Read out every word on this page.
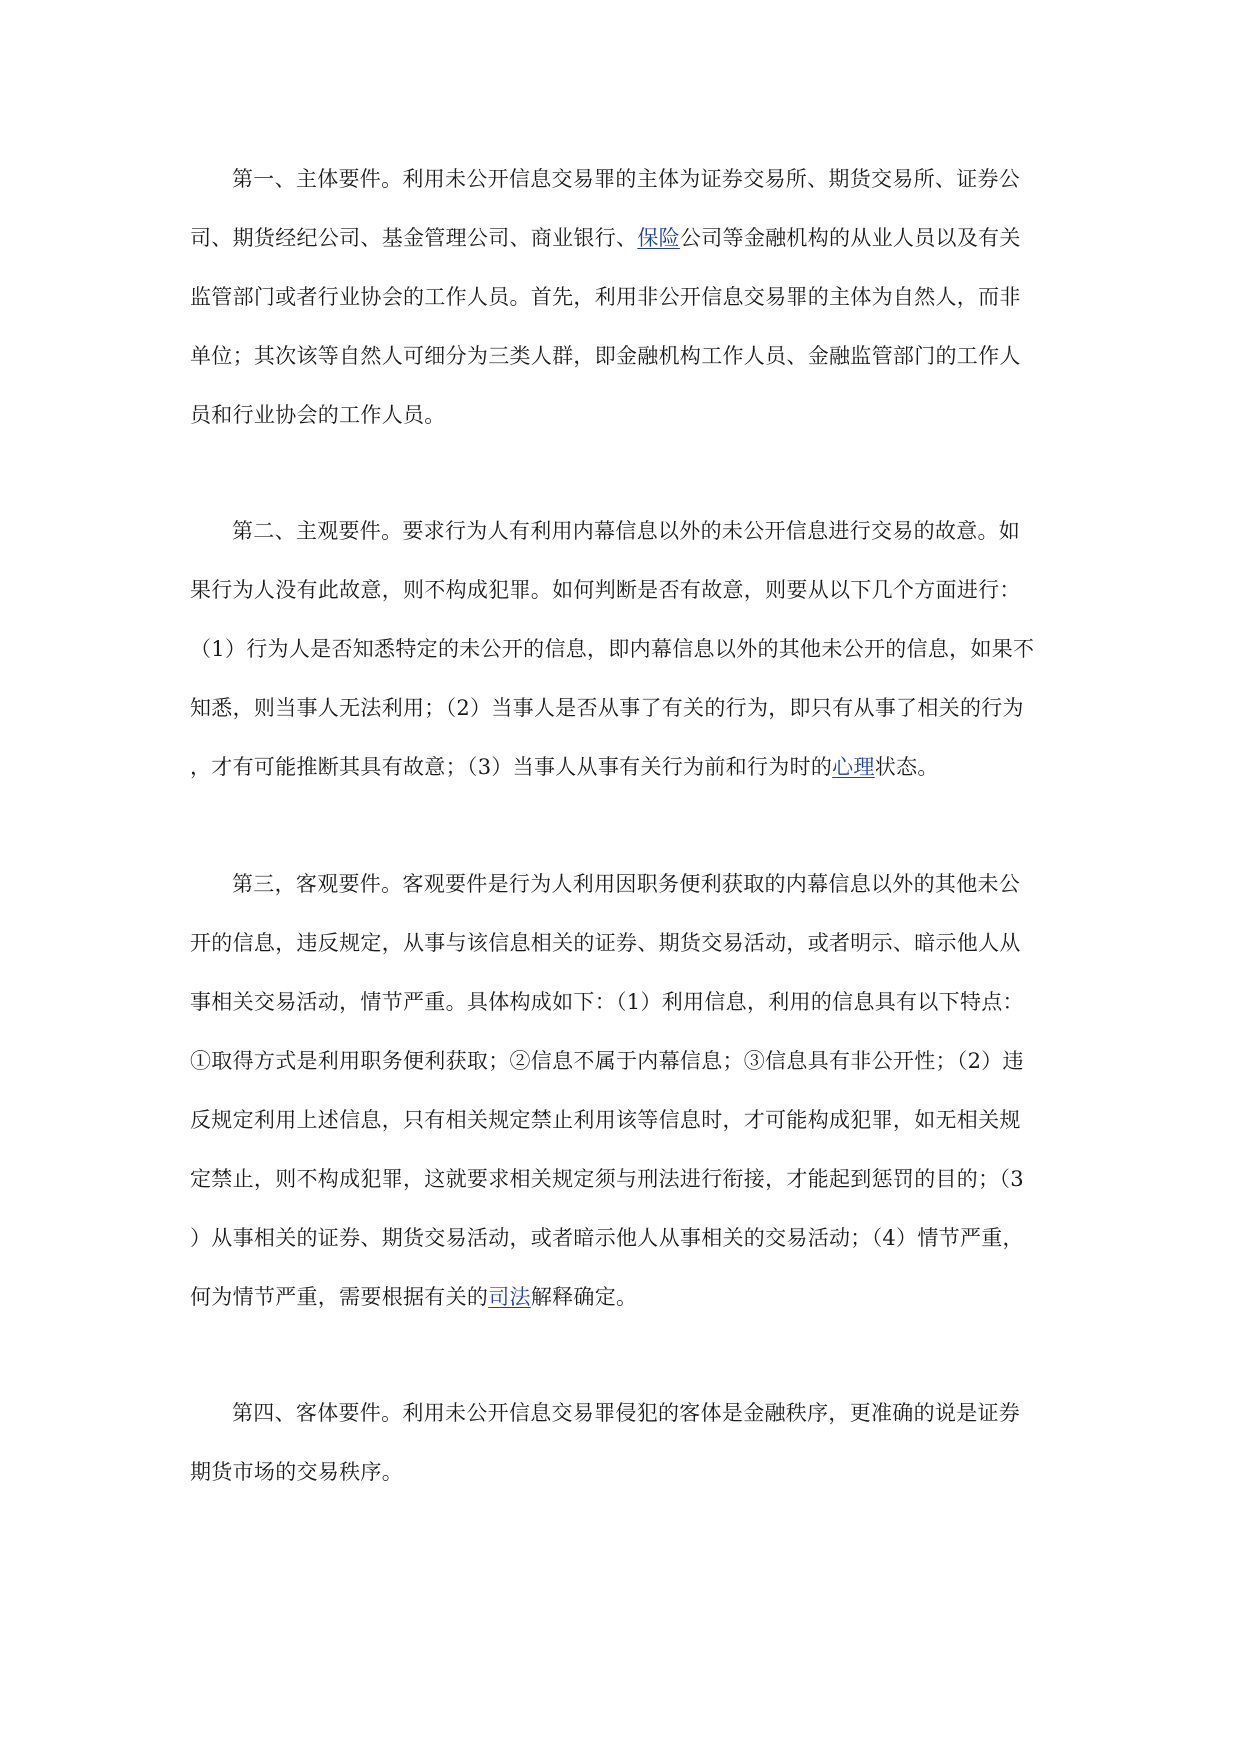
第一、主体要件。利用未公开信息交易罪的主体为证券交易所、期货交易所、证券公
司、期货经纪公司、基金管理公司、商业银行、保险公司等金融机构的从业人员以及有关
监管部门或者行业协会的工作人员。首先，利用非公开信息交易罪的主体为自然人，而非
单位；其次该等自然人可细分为三类人群，即金融机构工作人员、金融监管部门的工作人
员和行业协会的工作人员。
第二、主观要件。要求行为人有利用内幕信息以外的未公开信息进行交易的故意。如
果行为人没有此故意，则不构成犯罪。如何判断是否有故意，则要从以下几个方面进行：
（1）行为人是否知悉特定的未公开的信息，即内幕信息以外的其他未公开的信息，如果不
知悉，则当事人无法利用；（2）当事人是否从事了有关的行为，即只有从事了相关的行为
，才有可能推断其具有故意；（3）当事人从事有关行为前和行为时的心理状态。
第三，客观要件。客观要件是行为人利用因职务便利获取的内幕信息以外的其他未公
开的信息，违反规定，从事与该信息相关的证券、期货交易活动，或者明示、暗示他人从
事相关交易活动，情节严重。具体构成如下：（1）利用信息，利用的信息具有以下特点：
①取得方式是利用职务便利获取；②信息不属于内幕信息；③信息具有非公开性；（2）违
反规定利用上述信息，只有相关规定禁止利用该等信息时，才可能构成犯罪，如无相关规
定禁止，则不构成犯罪，这就要求相关规定须与刑法进行衔接，才能起到惩罚的目的；（3
）从事相关的证券、期货交易活动，或者暗示他人从事相关的交易活动；（4）情节严重，
何为情节严重，需要根据有关的司法解释确定。
第四、客体要件。利用未公开信息交易罪侵犯的客体是金融秩序，更准确的说是证券
期货市场的交易秩序。
